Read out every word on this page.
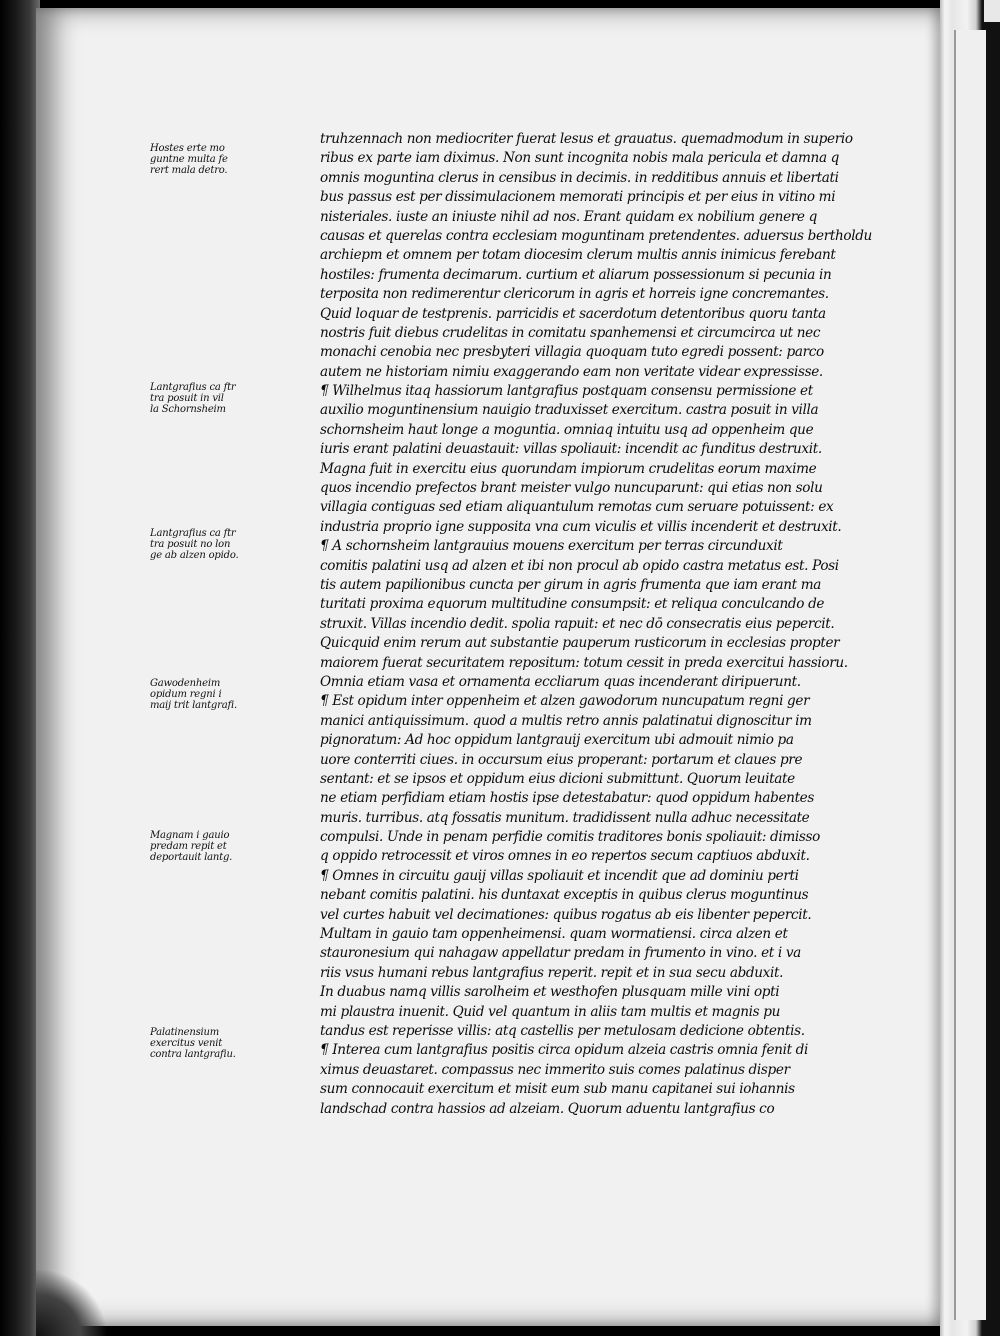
Hostes erte mo
guntne multa fe
rert mala detro.
Lantgrafius ca ftr
tra posuit in vil
la Schornsheim
Lantgrafius ca ftr
tra posuit no lon
ge ab alzen opido.
Gawodenheim
opidum regni i
maij trit lantgrafi.
Magnam i gauio
predam repit et
deportauit lantg.
Palatinensium
exercitus venit
contra lantgrafiu.
truhzennach non mediocriter fuerat lesus et grauatus. quemadmodum in superio
ribus ex parte iam diximus. Non sunt incognita nobis mala pericula et damna q
omnis moguntina clerus in censibus in decimis. in redditibus annuis et libertati
bus passus est per dissimulacionem memorati principis et per eius in vitino mi
nisteriales. iuste an iniuste nihil ad nos. Erant quidam ex nobilium genere q
causas et querelas contra ecclesiam moguntinam pretendentes. aduersus bertholdu
archiepm et omnem per totam diocesim clerum multis annis inimicus ferebant
hostiles: frumenta decimarum. curtium et aliarum possessionum si pecunia in
terposita non redimerentur clericorum in agris et horreis igne concremantes.
Quid loquar de testprenis. parricidis et sacerdotum detentoribus quoru tanta
nostris fuit diebus crudelitas in comitatu spanhemensi et circumcirca ut nec
monachi cenobia nec presbyteri villagia quoquam tuto egredi possent: parco
autem ne historiam nimiu exaggerando eam non veritate videar expressisse.
¶ Wilhelmus itaq hassiorum lantgrafius postquam consensu permissione et
auxilio moguntinensium nauigio traduxisset exercitum. castra posuit in villa
schornsheim haut longe a moguntia. omniaq intuitu usq ad oppenheim que
iuris erant palatini deuastauit: villas spoliauit: incendit ac funditus destruxit.
Magna fuit in exercitu eius quorundam impiorum crudelitas eorum maxime
quos incendio prefectos brant meister vulgo nuncuparunt: qui etias non solu
villagia contiguas sed etiam aliquantulum remotas cum seruare potuissent: ex
industria proprio igne supposita vna cum viculis et villis incenderit et destruxit.
¶ A schornsheim lantgrauius mouens exercitum per terras circunduxit
comitis palatini usq ad alzen et ibi non procul ab opido castra metatus est. Posi
tis autem papilionibus cuncta per girum in agris frumenta que iam erant ma
turitati proxima equorum multitudine consumpsit: et reliqua conculcando de
struxit. Villas incendio dedit. spolia rapuit: et nec dō consecratis eius pepercit.
Quicquid enim rerum aut substantie pauperum rusticorum in ecclesias propter
maiorem fuerat securitatem repositum: totum cessit in preda exercitui hassioru.
Omnia etiam vasa et ornamenta eccliarum quas incenderant diripuerunt.
¶ Est opidum inter oppenheim et alzen gawodorum nuncupatum regni ger
manici antiquissimum. quod a multis retro annis palatinatui dignoscitur im
pignoratum: Ad hoc oppidum lantgrauij exercitum ubi admouit nimio pa
uore conterriti ciues. in occursum eius properant: portarum et claues pre
sentant: et se ipsos et oppidum eius dicioni submittunt. Quorum leuitate
ne etiam perfidiam etiam hostis ipse detestabatur: quod oppidum habentes
muris. turribus. atq fossatis munitum. tradidissent nulla adhuc necessitate
compulsi. Unde in penam perfidie comitis traditores bonis spoliauit: dimisso
q oppido retrocessit et viros omnes in eo repertos secum captiuos abduxit.
¶ Omnes in circuitu gauij villas spoliauit et incendit que ad dominiu perti
nebant comitis palatini. his duntaxat exceptis in quibus clerus moguntinus
vel curtes habuit vel decimationes: quibus rogatus ab eis libenter pepercit.
Multam in gauio tam oppenheimensi. quam wormatiensi. circa alzen et
stauronesium qui nahagaw appellatur predam in frumento in vino. et i va
riis vsus humani rebus lantgrafius reperit. repit et in sua secu abduxit.
In duabus namq villis sarolheim et westhofen plusquam mille vini opti
mi plaustra inuenit. Quid vel quantum in aliis tam multis et magnis pu
tandus est reperisse villis: atq castellis per metulosam dedicione obtentis.
¶ Interea cum lantgrafius positis circa opidum alzeia castris omnia fenit di
ximus deuastaret. compassus nec immerito suis comes palatinus disper
sum connocauit exercitum et misit eum sub manu capitanei sui iohannis
landschad contra hassios ad alzeiam. Quorum aduentu lantgrafius co
